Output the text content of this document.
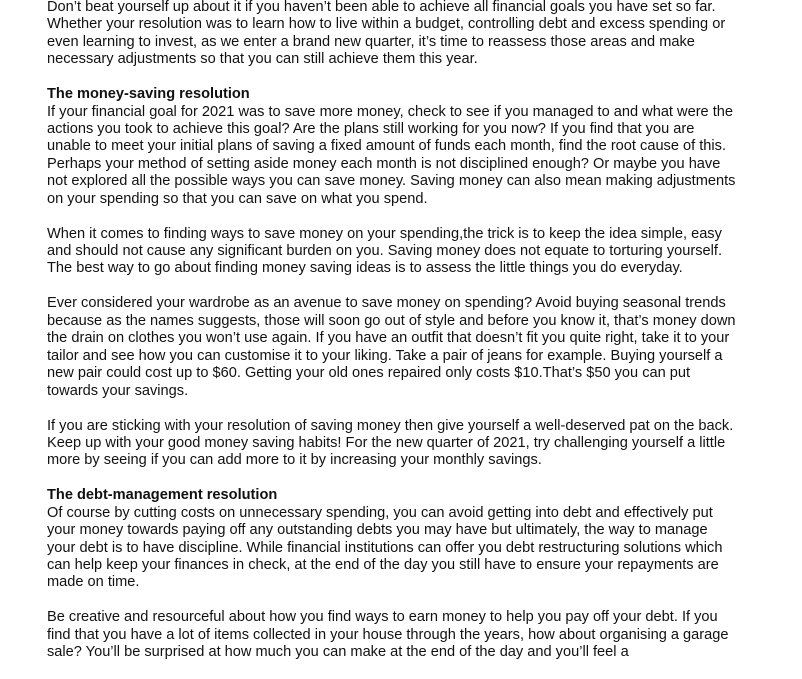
Don’t beat yourself up about it if you haven’t been able to achieve all financial goals you have set so far. Whether your resolution was to learn how to live within a budget, controlling debt and excess spending or even learning to invest, as we enter a brand new quarter, it’s time to reassess those areas and make necessary adjustments so that you can still achieve them this year.

The money-saving resolution

If your financial goal for 2021 was to save more money, check to see if you managed to and what were the actions you took to achieve this goal? Are the plans still working for you now? If you find that you are unable to meet your initial plans of saving a fixed amount of funds each month, find the root cause of this. Perhaps your method of setting aside money each month is not disciplined enough? Or maybe you have not explored all the possible ways you can save money. Saving money can also mean making adjustments on your spending so that you can save on what you spend.

When it comes to finding ways to save money on your spending,the trick is to keep the idea simple, easy and should not cause any significant burden on you. Saving money does not equate to torturing yourself. The best way to go about finding money saving ideas is to assess the little things you do everyday.

Ever considered your wardrobe as an avenue to save money on spending? Avoid buying seasonal trends because as the names suggests, those will soon go out of style and before you know it, that’s money down the drain on clothes you won’t use again. If you have an outfit that doesn’t fit you quite right, take it to your tailor and see how you can customise it to your liking. Take a pair of jeans for example. Buying yourself a new pair could cost up to $60. Getting your old ones repaired only costs $10.That’s $50 you can put towards your savings.

If you are sticking with your resolution of saving money then give yourself a well-deserved pat on the back. Keep up with your good money saving habits! For the new quarter of 2021, try challenging yourself a little more by seeing if you can add more to it by increasing your monthly savings.

The debt-management resolution

Of course by cutting costs on unnecessary spending, you can avoid getting into debt and effectively put your money towards paying off any outstanding debts you may have but ultimately, the way to manage your debt is to have discipline. While financial institutions can offer you debt restructuring solutions which can help keep your finances in check, at the end of the day you still have to ensure your repayments are made on time.

Be creative and resourceful about how you find ways to earn money to help you pay off your debt. If you find that you have a lot of items collected in your house through the years, how about organising a garage sale? You’ll be surprised at how much you can make at the end of the day and you’ll feel a
